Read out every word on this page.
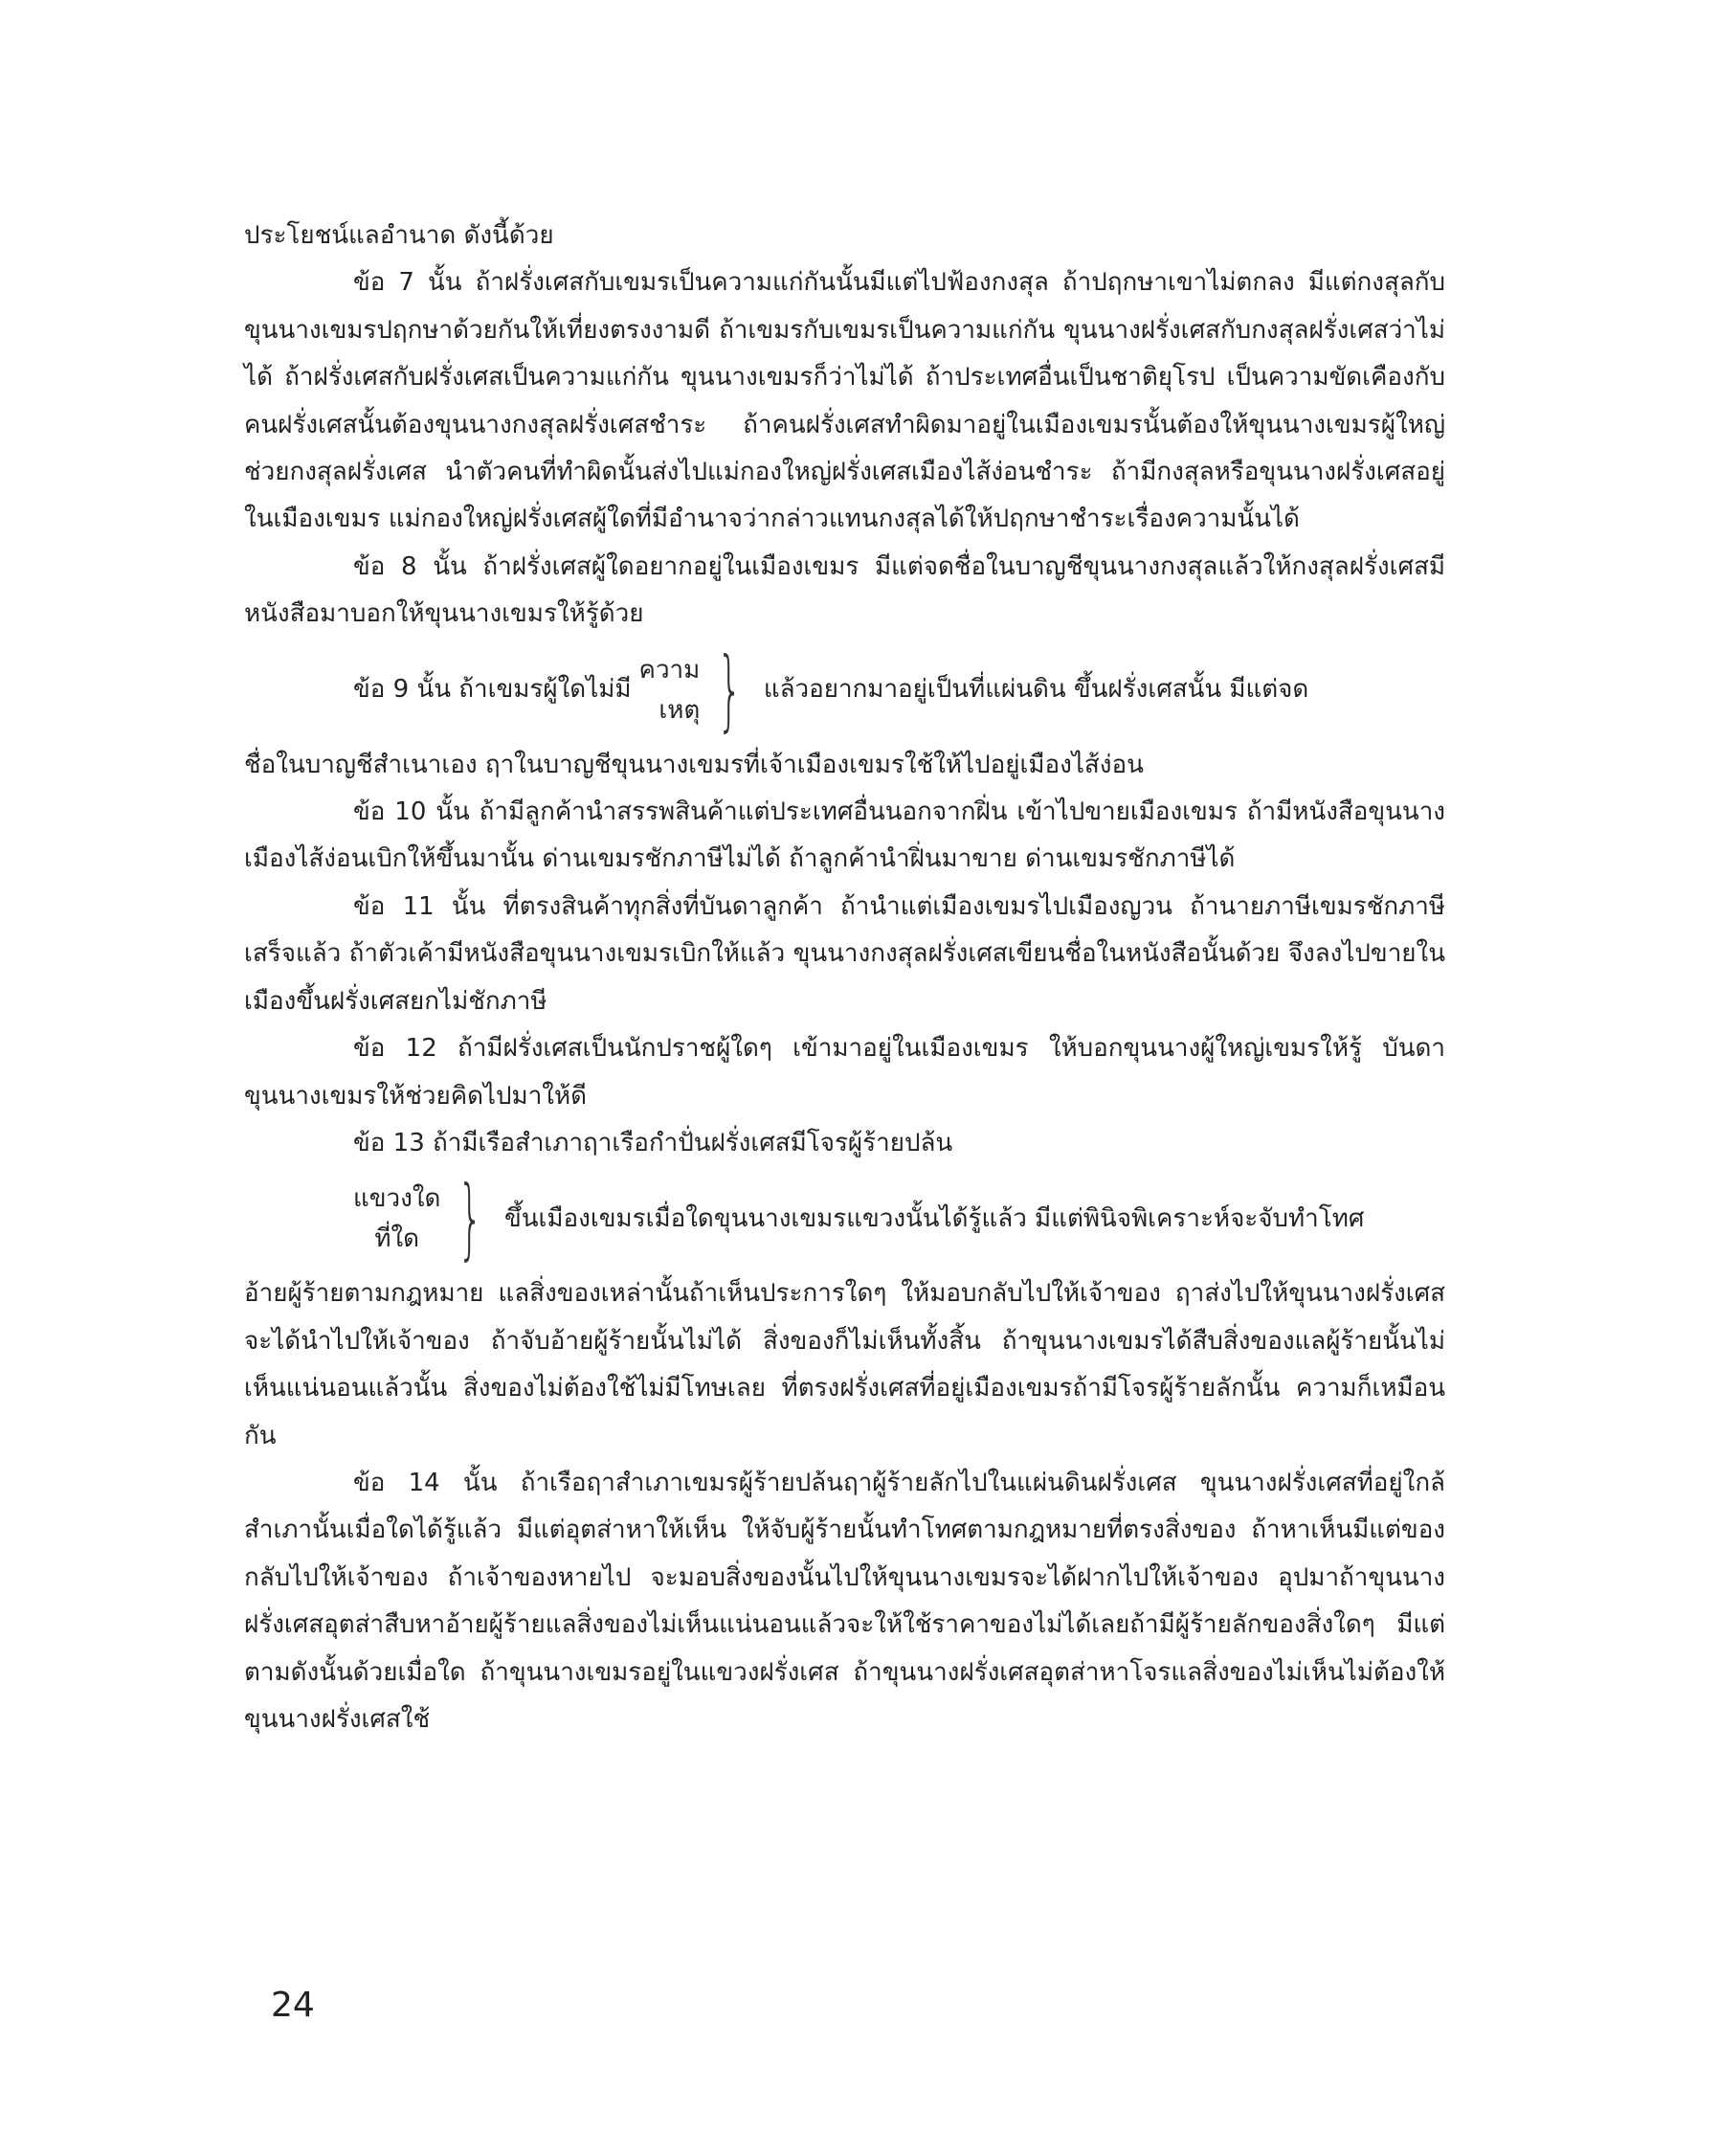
ประโยชน์แลอำนาด ดังนี้ด้วย

ข้อ 7 นั้น ถ้าฝรั่งเศสกับเขมรเป็นความแก่กันนั้นมีแต่ไปฟ้องกงสุล ถ้าปฤกษาเขาไม่ตกลง มีแต่กงสุลกับขุนนางเขมรปฤกษาด้วยกันให้เที่ยงตรงงามดี ถ้าเขมรกับเขมรเป็นความแก่กัน ขุนนางฝรั่งเศสกับกงสุลฝรั่งเศสว่าไม่ได้ ถ้าฝรั่งเศสกับฝรั่งเศสเป็นความแก่กัน ขุนนางเขมรก็ว่าไม่ได้ ถ้าประเทศอื่นเป็นชาติยุโรป เป็นความขัดเคืองกับคนฝรั่งเศสนั้นต้องขุนนางกงสุลฝรั่งเศสชำระ ถ้าคนฝรั่งเศสทำผิดมาอยู่ในเมืองเขมรนั้นต้องให้ขุนนางเขมรผู้ใหญ่ช่วยกงสุลฝรั่งเศส นำตัวคนที่ทำผิดนั้นส่งไปแม่กองใหญ่ฝรั่งเศสเมืองไส้ง่อนชำระ ถ้ามีกงสุลหรือขุนนางฝรั่งเศสอยู่ในเมืองเขมร แม่กองใหญ่ฝรั่งเศสผู้ใดที่มีอำนาจว่ากล่าวแทนกงสุลได้ให้ปฤกษาชำระเรื่องความนั้นได้

ข้อ 8 นั้น ถ้าฝรั่งเศสผู้ใดอยากอยู่ในเมืองเขมร มีแต่จดชื่อในบาญชีขุนนางกงสุลแล้วให้กงสุลฝรั่งเศสมีหนังสือมาบอกให้ขุนนางเขมรให้รู้ด้วย

ข้อ 9 นั้น ถ้าเขมรผู้ใดไม่มี
ความ
เหตุ } แล้วอยากมาอยู่เป็นที่แผ่นดิน ขึ้นฝรั่งเศสนั้น มีแต่จด

ชื่อในบาญชีสำเนาเอง ฤาในบาญชีขุนนางเขมรที่เจ้าเมืองเขมรใช้ให้ไปอยู่เมืองไส้ง่อน

ข้อ 10 นั้น ถ้ามีลูกค้านำสรรพสินค้าแต่ประเทศอื่นนอกจากฝิ่น เข้าไปขายเมืองเขมร ถ้ามีหนังสือขุนนางเมืองไส้ง่อนเบิกให้ขึ้นมานั้น ด่านเขมรชักภาษีไม่ได้ ถ้าลูกค้านำฝิ่นมาขาย ด่านเขมรชักภาษีได้

ข้อ 11 นั้น ที่ตรงสินค้าทุกสิ่งที่บันดาลูกค้า ถ้านำแต่เมืองเขมรไปเมืองญวน ถ้านายภาษีเขมรชักภาษีเสร็จแล้ว ถ้าตัวเค้ามีหนังสือขุนนางเขมรเบิกให้แล้ว ขุนนางกงสุลฝรั่งเศสเขียนชื่อในหนังสือนั้นด้วย จึงลงไปขายในเมืองขึ้นฝรั่งเศสยกไม่ชักภาษี

ข้อ 12 ถ้ามีฝรั่งเศสเป็นนักปราชผู้ใดๆ เข้ามาอยู่ในเมืองเขมร ให้บอกขุนนางผู้ใหญ่เขมรให้รู้ บันดาขุนนางเขมรให้ช่วยคิดไปมาให้ดี

ข้อ 13 ถ้ามีเรือสำเภาฤาเรือกำปั่นฝรั่งเศสมีโจรผู้ร้ายปล้น

แขวงใด
ที่ใด } ขึ้นเมืองเขมรเมื่อใดขุนนางเขมรแขวงนั้นได้รู้แล้ว มีแต่พินิจพิเคราะห์จะจับทำโทศ

อ้ายผู้ร้ายตามกฎหมาย แลสิ่งของเหล่านั้นถ้าเห็นประการใดๆ ให้มอบกลับไปให้เจ้าของ ฤาส่งไปให้ขุนนางฝรั่งเศสจะได้นำไปให้เจ้าของ ถ้าจับอ้ายผู้ร้ายนั้นไม่ได้ สิ่งของก็ไม่เห็นทั้งสิ้น ถ้าขุนนางเขมรได้สืบสิ่งของแลผู้ร้ายนั้นไม่เห็นแน่นอนแล้วนั้น สิ่งของไม่ต้องใช้ไม่มีโทษเลย ที่ตรงฝรั่งเศสที่อยู่เมืองเขมรถ้ามีโจรผู้ร้ายลักนั้น ความก็เหมือนกัน

ข้อ 14 นั้น ถ้าเรือฤาสำเภาเขมรผู้ร้ายปล้นฤาผู้ร้ายลักไปในแผ่นดินฝรั่งเศส ขุนนางฝรั่งเศสที่อยู่ใกล้สำเภานั้นเมื่อใดได้รู้แล้ว มีแต่อุตส่าหาให้เห็น ให้จับผู้ร้ายนั้นทำโทศตามกฎหมายที่ตรงสิ่งของ ถ้าหาเห็นมีแต่ของกลับไปให้เจ้าของ ถ้าเจ้าของหายไป จะมอบสิ่งของนั้นไปให้ขุนนางเขมรจะได้ฝากไปให้เจ้าของ อุปมาถ้าขุนนางฝรั่งเศสอุตส่าสืบหาอ้ายผู้ร้ายแลสิ่งของไม่เห็นแน่นอนแล้วจะให้ใช้ราคาของไม่ได้เลยถ้ามีผู้ร้ายลักของสิ่งใดๆ มีแต่ตามดังนั้นด้วยเมื่อใด ถ้าขุนนางเขมรอยู่ในแขวงฝรั่งเศส ถ้าขุนนางฝรั่งเศสอุตส่าหาโจรแลสิ่งของไม่เห็นไม่ต้องให้ขุนนางฝรั่งเศสใช้

24
